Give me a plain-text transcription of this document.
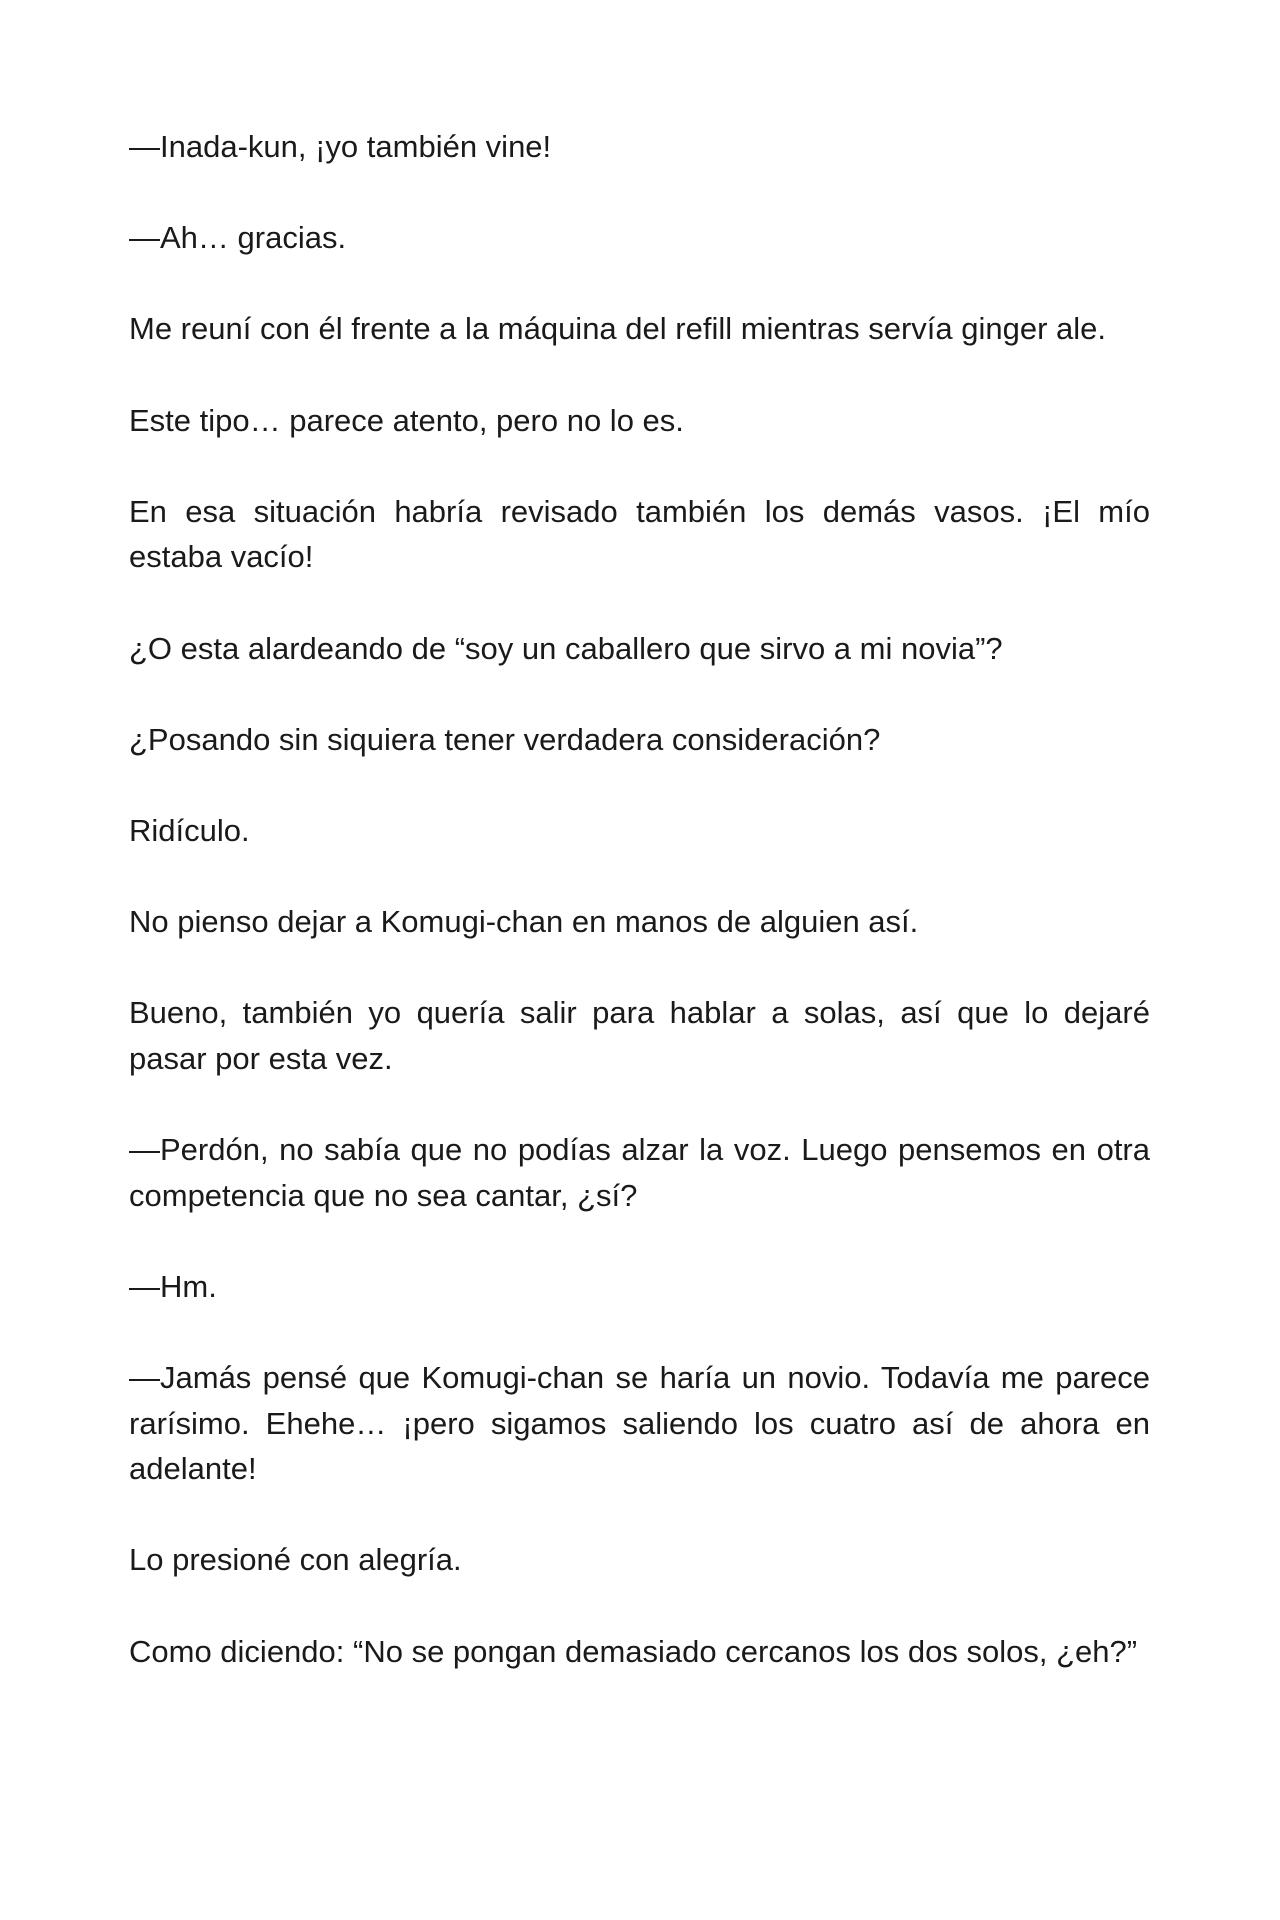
—Inada-kun, ¡yo también vine!

—Ah… gracias.

Me reuní con él frente a la máquina del refill mientras servía ginger ale.

Este tipo… parece atento, pero no lo es.

En esa situación habría revisado también los demás vasos. ¡El mío estaba vacío!

¿O esta alardeando de “soy un caballero que sirvo a mi novia”?

¿Posando sin siquiera tener verdadera consideración?

Ridículo.

No pienso dejar a Komugi-chan en manos de alguien así.

Bueno, también yo quería salir para hablar a solas, así que lo dejaré pasar por esta vez.

—Perdón, no sabía que no podías alzar la voz. Luego pensemos en otra competencia que no sea cantar, ¿sí?

—Hm.

—Jamás pensé que Komugi-chan se haría un novio. Todavía me parece rarísimo. Ehehe… ¡pero sigamos saliendo los cuatro así de ahora en adelante!

Lo presioné con alegría.

Como diciendo: “No se pongan demasiado cercanos los dos solos, ¿eh?”
